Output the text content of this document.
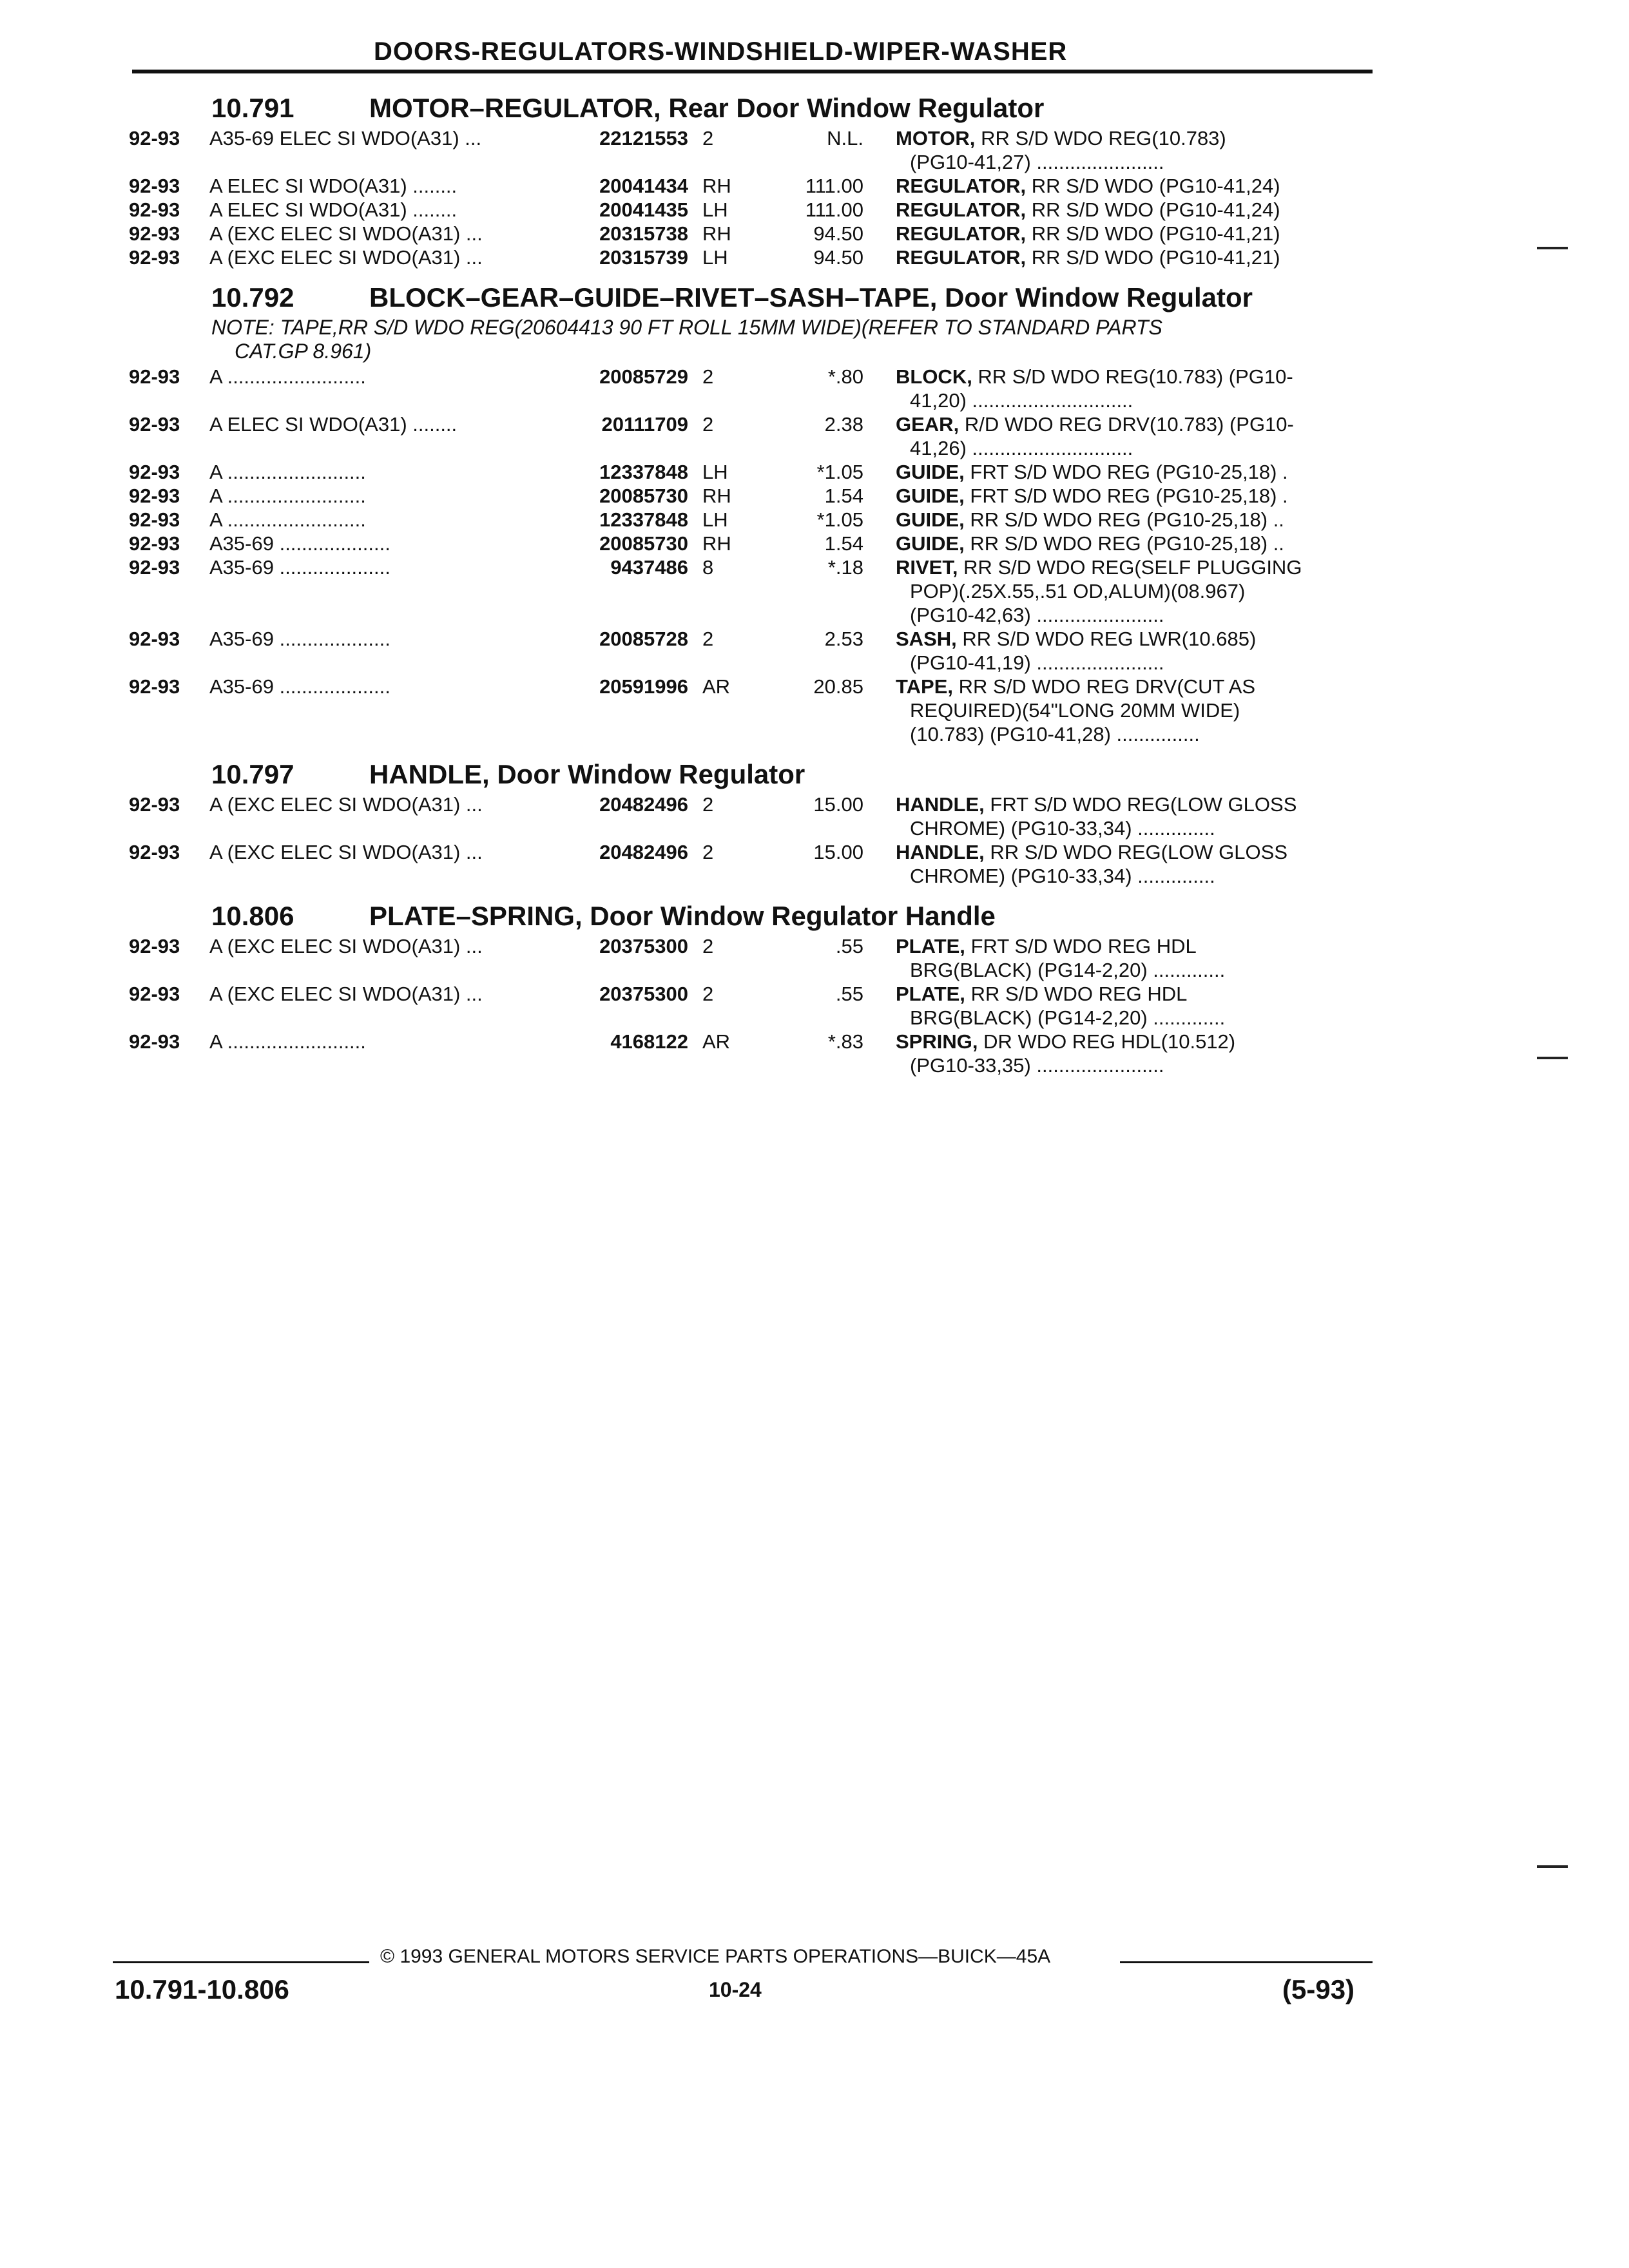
DOORS-REGULATORS-WINDSHIELD-WIPER-WASHER
10.791	MOTOR–REGULATOR, Rear Door Window Regulator
92-93 A35-69 ELEC SI WDO(A31) ...	22121553 2	N.L. MOTOR, RR S/D WDO REG(10.783)
(PG10-41,27) .......................
92-93 A ELEC SI WDO(A31) ........	20041434 RH	111.00 REGULATOR, RR S/D WDO (PG10-41,24)
92-93 A ELEC SI WDO(A31) ........	20041435 LH	111.00 REGULATOR, RR S/D WDO (PG10-41,24)
92-93 A (EXC ELEC SI WDO(A31) ...	20315738 RH	94.50 REGULATOR, RR S/D WDO (PG10-41,21)
92-93 A (EXC ELEC SI WDO(A31) ...	20315739 LH	94.50 REGULATOR, RR S/D WDO (PG10-41,21)
10.792	BLOCK–GEAR–GUIDE–RIVET–SASH–TAPE, Door Window Regulator
NOTE: TAPE,RR S/D WDO REG(20604413 90 FT ROLL 15MM WIDE)(REFER TO STANDARD PARTS
CAT.GP 8.961)
92-93 A .........................	20085729 2	*.80 BLOCK, RR S/D WDO REG(10.783) (PG10-
41,20) .............................
92-93 A ELEC SI WDO(A31) ........	20111709 2	2.38 GEAR, R/D WDO REG DRV(10.783) (PG10-
41,26) .............................
92-93 A .........................	12337848 LH	*1.05 GUIDE, FRT S/D WDO REG (PG10-25,18) .
92-93 A .........................	20085730 RH	1.54 GUIDE, FRT S/D WDO REG (PG10-25,18) .
92-93 A .........................	12337848 LH	*1.05 GUIDE, RR S/D WDO REG (PG10-25,18) ..
92-93 A35-69 ....................	20085730 RH	1.54 GUIDE, RR S/D WDO REG (PG10-25,18) ..
92-93 A35-69 ....................	9437486 8	*.18 RIVET, RR S/D WDO REG(SELF PLUGGING
POP)(.25X.55,.51 OD,ALUM)(08.967)
(PG10-42,63) .......................
92-93 A35-69 ....................	20085728 2	2.53 SASH, RR S/D WDO REG LWR(10.685)
(PG10-41,19) .......................
92-93 A35-69 ....................	20591996 AR	20.85 TAPE, RR S/D WDO REG DRV(CUT AS
REQUIRED)(54"LONG 20MM WIDE)
(10.783) (PG10-41,28) ...............
10.797	HANDLE, Door Window Regulator
92-93 A (EXC ELEC SI WDO(A31) ...	20482496 2	15.00 HANDLE, FRT S/D WDO REG(LOW GLOSS
CHROME) (PG10-33,34) ..............
92-93 A (EXC ELEC SI WDO(A31) ...	20482496 2	15.00 HANDLE, RR S/D WDO REG(LOW GLOSS
CHROME) (PG10-33,34) ..............
10.806	PLATE–SPRING, Door Window Regulator Handle
92-93 A (EXC ELEC SI WDO(A31) ...	20375300 2	.55 PLATE, FRT S/D WDO REG HDL
BRG(BLACK) (PG14-2,20) .............
92-93 A (EXC ELEC SI WDO(A31) ...	20375300 2	.55 PLATE, RR S/D WDO REG HDL
BRG(BLACK) (PG14-2,20) .............
92-93 A .........................	4168122 AR	*.83 SPRING, DR WDO REG HDL(10.512)
(PG10-33,35) .......................
© 1993 GENERAL MOTORS SERVICE PARTS OPERATIONS—BUICK—45A
10.791-10.806	10-24	(5-93)
